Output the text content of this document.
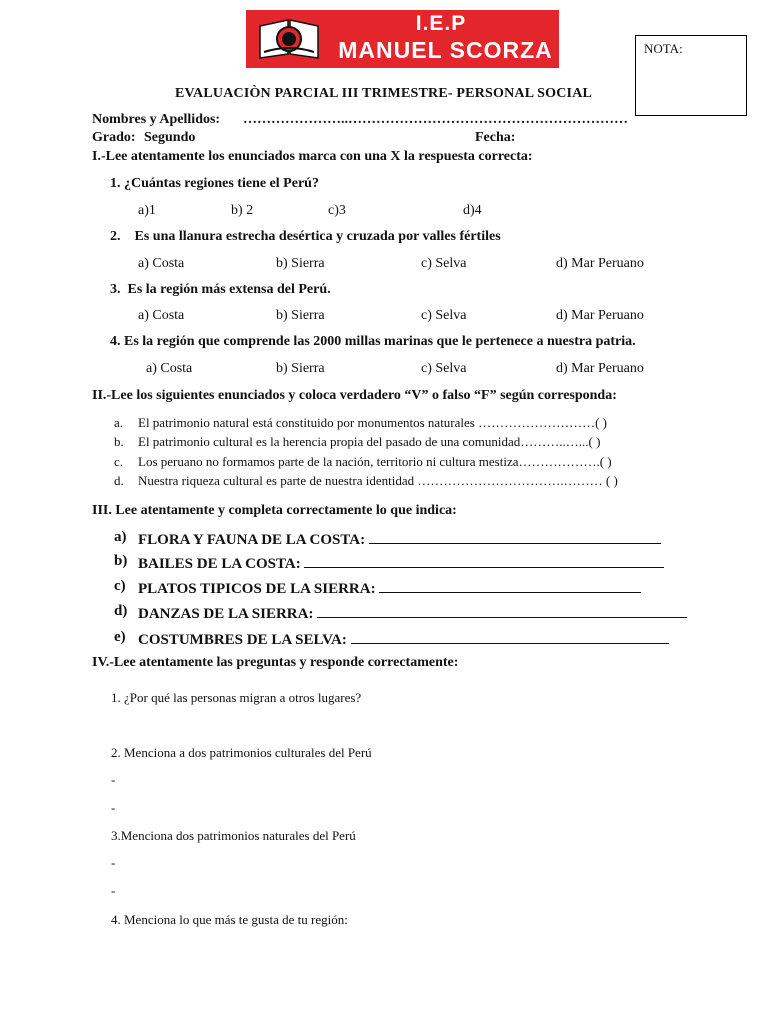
I.E.P
MANUEL SCORZA	NOTA:
EVALUACIÒN PARCIAL III TRIMESTRE- PERSONAL SOCIAL
Nombres y Apellidos: …………………..……………………………………………………
Grado: Segundo	Fecha:
I.-Lee atentamente los enunciados marca con una X la respuesta correcta:
1. ¿Cuántas regiones tiene el Perú?
a)1	b) 2	c)3	d)4
2.    Es una llanura estrecha desértica y cruzada por valles fértiles
a) Costa	b) Sierra	c) Selva	d) Mar Peruano
3.  Es la región más extensa del Perú.
a) Costa	b) Sierra	c) Selva	d) Mar Peruano
4. Es la región que comprende las 2000 millas marinas que le pertenece a nuestra patria.
a) Costa	b) Sierra	c) Selva	d) Mar Peruano
II.-Lee los siguientes enunciados y coloca verdadero “V” o falso “F” según corresponda:
a. El patrimonio natural está constituido por monumentos naturales ………………………( )
b. El patrimonio cultural es la herencia propia del pasado de una comunidad………..…...( )
c. Los peruano no formamos parte de la nación, territorio ni cultura mestiza……………….( )
d. Nuestra riqueza cultural es parte de nuestra identidad …………………………….……… ( )
III. Lee atentamente y completa correctamente lo que indica:
a) FLORA Y FAUNA DE LA COSTA:
b) BAILES DE LA COSTA:
c) PLATOS TIPICOS DE LA SIERRA:
d) DANZAS DE LA SIERRA:
e) COSTUMBRES DE LA SELVA:
IV.-Lee atentamente las preguntas y responde correctamente:
1. ¿Por qué las personas migran a otros lugares?
2. Menciona a dos patrimonios culturales del Perú
-
-
3.Menciona dos patrimonios naturales del Perú
-
-
4. Menciona lo que más te gusta de tu región:
